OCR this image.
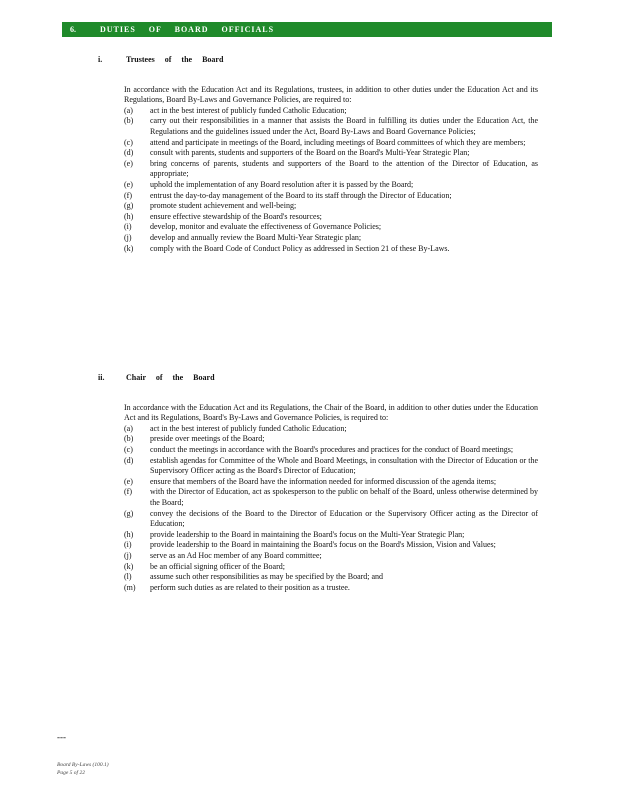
6.	DUTIES OF BOARD OFFICIALS
i.	Trustees of the Board

In accordance with the Education Act and its Regulations, trustees, in addition to other duties under the Education Act and its Regulations, Board By-Laws and Governance Policies, are required to:

(a)	act in the best interest of publicly funded Catholic Education;
(b)	carry out their responsibilities in a manner that assists the Board in fulfilling its duties under the Education Act, the Regulations and the guidelines issued under the Act, Board By-Laws and Board Governance Policies;
(c)	attend and participate in meetings of the Board, including meetings of Board committees of which they are members;
(d)	consult with parents, students and supporters of the Board on the Board's Multi-Year Strategic Plan;
(e)	bring concerns of parents, students and supporters of the Board to the attention of the Director of Education, as appropriate;
(e)	uphold the implementation of any Board resolution after it is passed by the Board;
(f)	entrust the day-to-day management of the Board to its staff through the Director of Education;
(g)	promote student achievement and well-being;
(h)	ensure effective stewardship of the Board's resources;
(i)	develop, monitor and evaluate the effectiveness of Governance Policies;
(j)	develop and annually review the Board Multi-Year Strategic plan;
(k)	comply with the Board Code of Conduct Policy as addressed in Section 21 of these By-Laws.
ii.	Chair of the Board

In accordance with the Education Act and its Regulations, the Chair of the Board, in addition to other duties under the Education Act and its Regulations, Board's By-Laws and Governance Policies, is required to:

(a)	act in the best interest of publicly funded Catholic Education;
(b)	preside over meetings of the Board;
(c)	conduct the meetings in accordance with the Board's procedures and practices for the conduct of Board meetings;
(d)	establish agendas for Committee of the Whole and Board Meetings, in consultation with the Director of Education or the Supervisory Officer acting as the Board's Director of Education;
(e)	ensure that members of the Board have the information needed for informed discussion of the agenda items;
(f)	with the Director of Education, act as spokesperson to the public on behalf of the Board, unless otherwise determined by the Board;
(g)	convey the decisions of the Board to the Director of Education or the Supervisory Officer acting as the Director of Education;
(h)	provide leadership to the Board in maintaining the Board's focus on the Multi-Year Strategic Plan;
(i)	provide leadership to the Board in maintaining the Board's focus on the Board's Mission, Vision and Values;
(j)	serve as an Ad Hoc member of any Board committee;
(k)	be an official signing officer of the Board;
(l)	assume such other responsibilities as may be specified by the Board; and
(m)	perform such duties as are related to their position as a trustee.
---
Board By-Laws (100.1)
Page 5 of 22
